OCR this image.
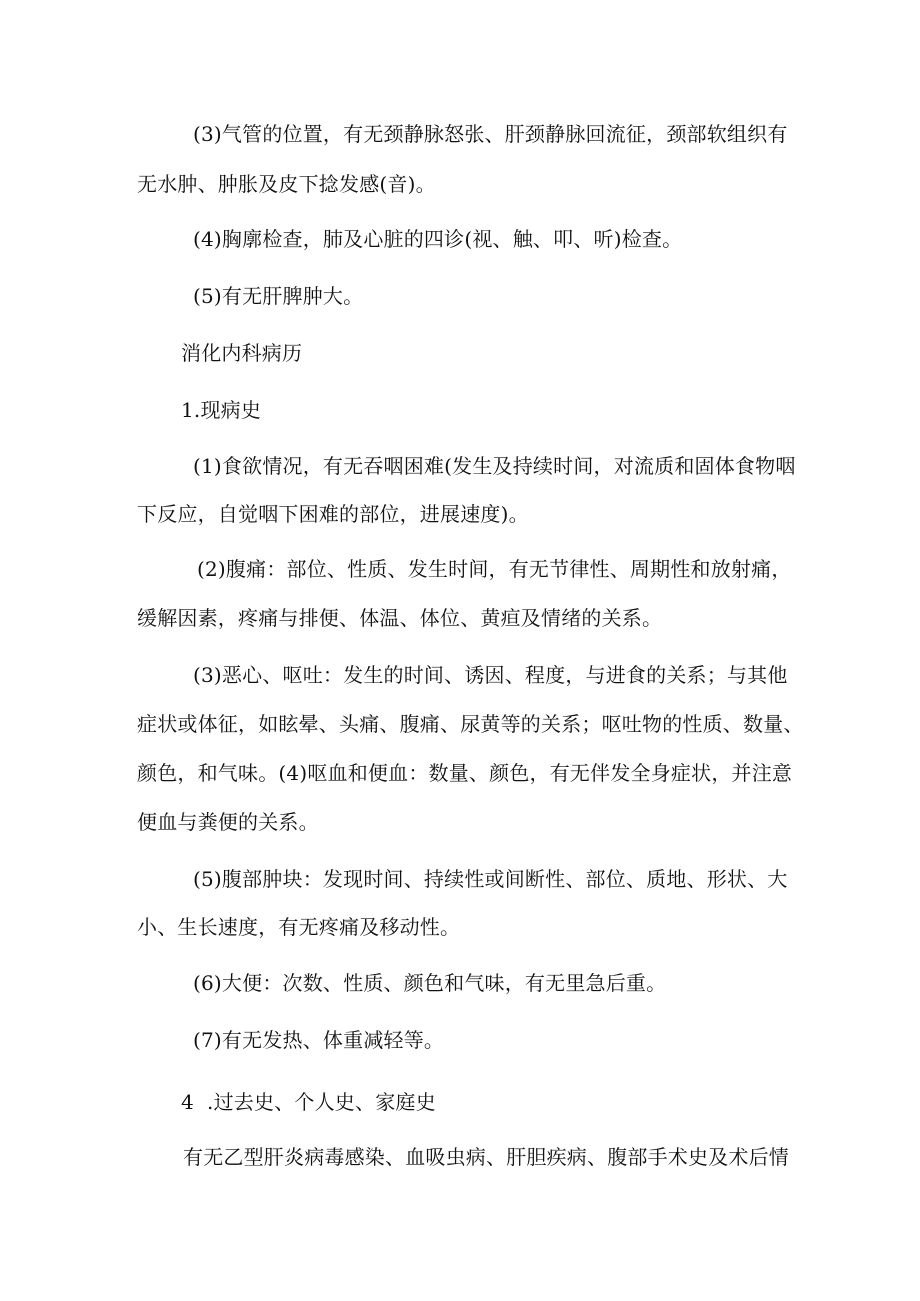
(3)气管的位置，有无颈静脉怒张、肝颈静脉回流征，颈部软组织有
无水肿、肿胀及皮下捻发感(音)。
(4)胸廓检查，肺及心脏的四诊(视、触、叩、听)检查。
(5)有无肝脾肿大。
消化内科病历
1.现病史
(1)食欲情况，有无吞咽困难(发生及持续时间，对流质和固体食物咽
下反应，自觉咽下困难的部位，进展速度)。
(2)腹痛：部位、性质、发生时间，有无节律性、周期性和放射痛，
缓解因素，疼痛与排便、体温、体位、黄疸及情绪的关系。
(3)恶心、呕吐：发生的时间、诱因、程度，与进食的关系；与其他
症状或体征，如眩晕、头痛、腹痛、尿黄等的关系；呕吐物的性质、数量、
颜色，和气味。(4)呕血和便血：数量、颜色，有无伴发全身症状，并注意
便血与粪便的关系。
(5)腹部肿块：发现时间、持续性或间断性、部位、质地、形状、大
小、生长速度，有无疼痛及移动性。
(6)大便：次数、性质、颜色和气味，有无里急后重。
(7)有无发热、体重减轻等。
4  .过去史、个人史、家庭史
有无乙型肝炎病毒感染、血吸虫病、肝胆疾病、腹部手术史及术后情
